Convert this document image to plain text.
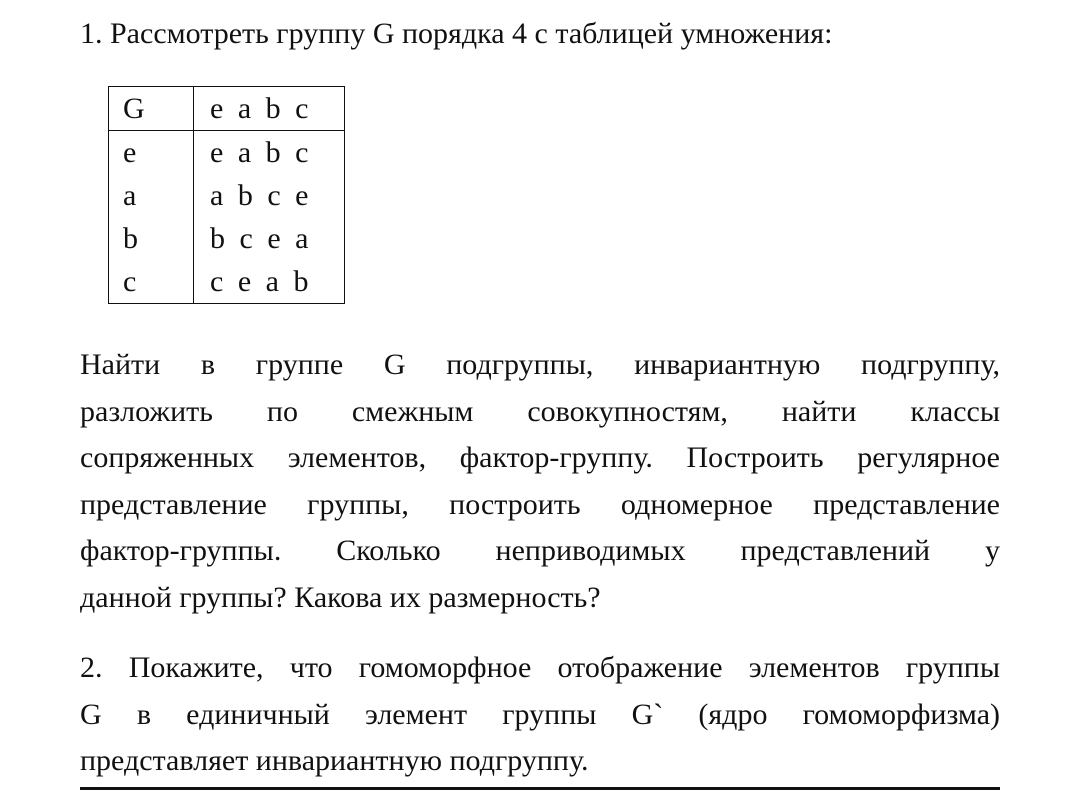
1. Рассмотреть группу G порядка 4 с таблицей умножения:
G	e a b c
e	e a b c
a	a b c e
b	b c e a
c	c e a b
Найти в группе G подгруппы, инвариантную подгруппу,
разложить по смежным совокупностям, найти классы
сопряженных элементов, фактор-группу. Построить регулярное
представление группы, построить одномерное представление
фактор-группы. Сколько неприводимых представлений у
данной группы? Какова их размерность?
2. Покажите, что гомоморфное отображение элементов группы
G в единичный элемент группы G` (ядро гомоморфизма)
представляет инвариантную подгруппу.
